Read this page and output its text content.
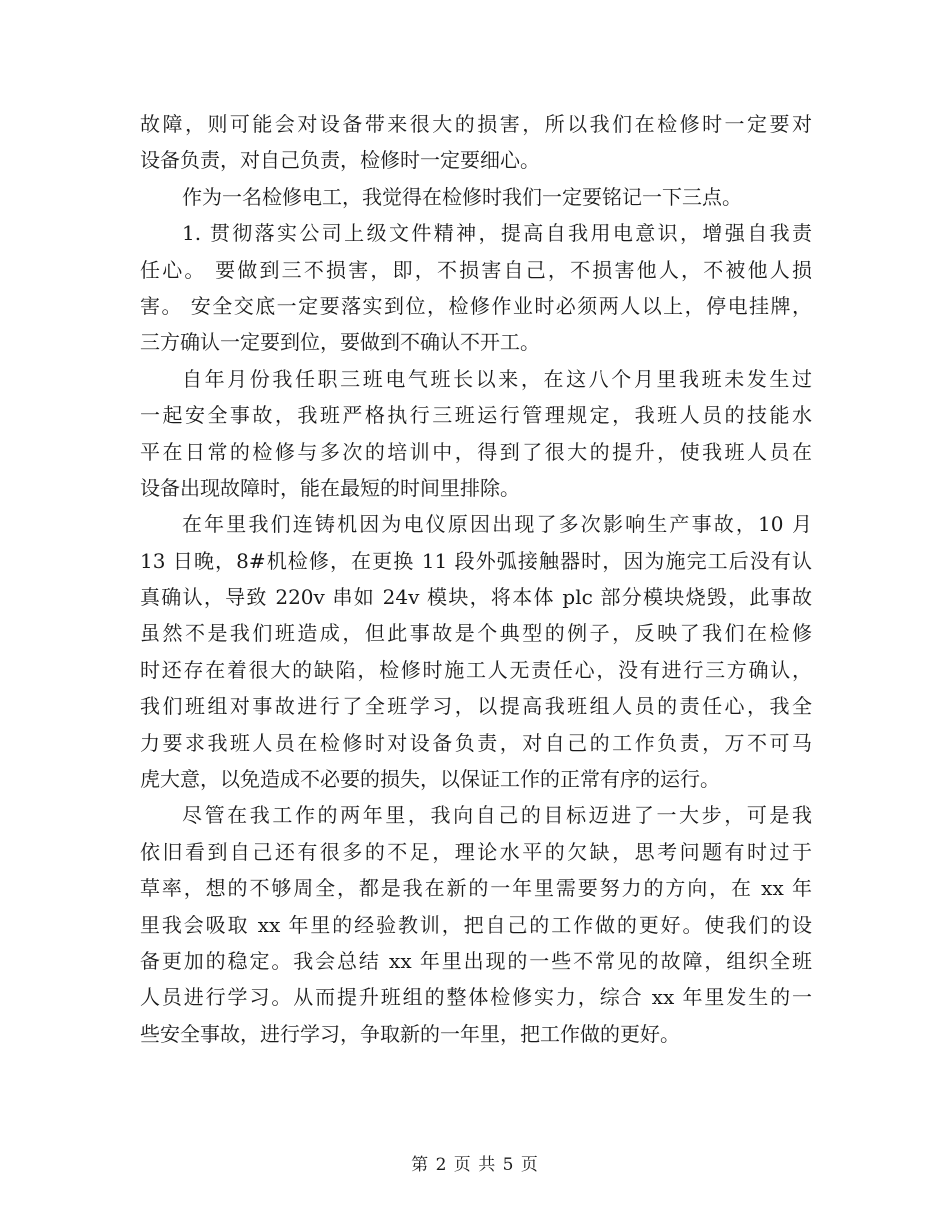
故障，则可能会对设备带来很大的损害，所以我们在检修时一定要对
设备负责，对自己负责，检修时一定要细心。
作为一名检修电工，我觉得在检修时我们一定要铭记一下三点。
1. 贯彻落实公司上级文件精神，提高自我用电意识，增强自我责
任心。 要做到三不损害，即，不损害自己，不损害他人，不被他人损
害。 安全交底一定要落实到位，检修作业时必须两人以上，停电挂牌，
三方确认一定要到位，要做到不确认不开工。
自年月份我任职三班电气班长以来，在这八个月里我班未发生过
一起安全事故，我班严格执行三班运行管理规定，我班人员的技能水
平在日常的检修与多次的培训中，得到了很大的提升，使我班人员在
设备出现故障时，能在最短的时间里排除。
在年里我们连铸机因为电仪原因出现了多次影响生产事故，10 月
13 日晚，8#机检修，在更换 11 段外弧接触器时，因为施完工后没有认
真确认，导致 220v 串如 24v 模块，将本体 plc 部分模块烧毁，此事故
虽然不是我们班造成，但此事故是个典型的例子，反映了我们在检修
时还存在着很大的缺陷，检修时施工人无责任心，没有进行三方确认，
我们班组对事故进行了全班学习，以提高我班组人员的责任心，我全
力要求我班人员在检修时对设备负责，对自己的工作负责，万不可马
虎大意，以免造成不必要的损失，以保证工作的正常有序的运行。
尽管在我工作的两年里，我向自己的目标迈进了一大步，可是我
依旧看到自己还有很多的不足，理论水平的欠缺，思考问题有时过于
草率，想的不够周全，都是我在新的一年里需要努力的方向，在 xx 年
里我会吸取 xx 年里的经验教训，把自己的工作做的更好。使我们的设
备更加的稳定。我会总结 xx 年里出现的一些不常见的故障，组织全班
人员进行学习。从而提升班组的整体检修实力，综合 xx 年里发生的一
些安全事故，进行学习，争取新的一年里，把工作做的更好。
第 2 页 共 5 页
